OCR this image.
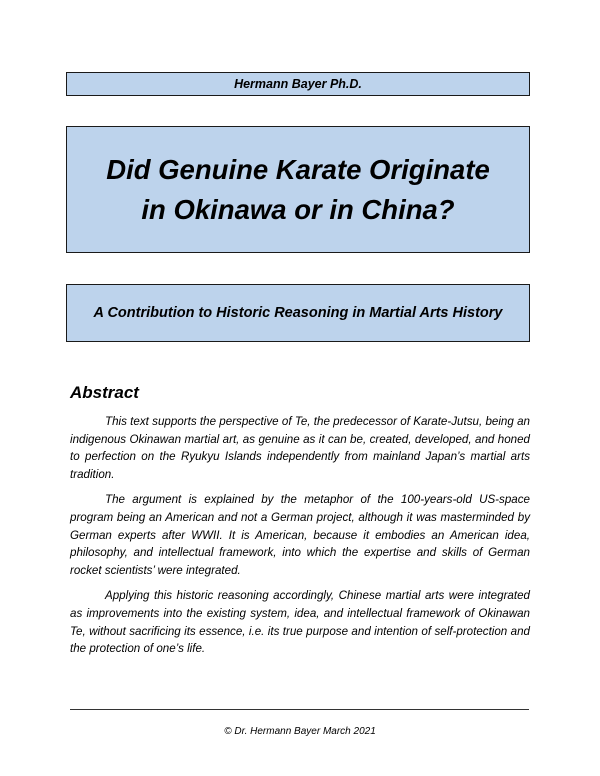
Hermann Bayer Ph.D.
Did Genuine Karate Originate
in Okinawa or in China?
A Contribution to Historic Reasoning in Martial Arts History
Abstract

This text supports the perspective of Te, the predecessor of Karate-Jutsu, being an indigenous Okinawan martial art, as genuine as it can be, created, developed, and honed to perfection on the Ryukyu Islands independently from mainland Japan’s martial arts tradition.

The argument is explained by the metaphor of the 100-years-old US-space program being an American and not a German project, although it was masterminded by German experts after WWII. It is American, because it embodies an American idea, philosophy, and intellectual framework, into which the expertise and skills of German rocket scientists’ were integrated.

Applying this historic reasoning accordingly, Chinese martial arts were integrated as improvements into the existing system, idea, and intellectual framework of Okinawan Te, without sacrificing its essence, i.e. its true purpose and intention of self-protection and the protection of one’s life.

© Dr. Hermann Bayer March 2021
